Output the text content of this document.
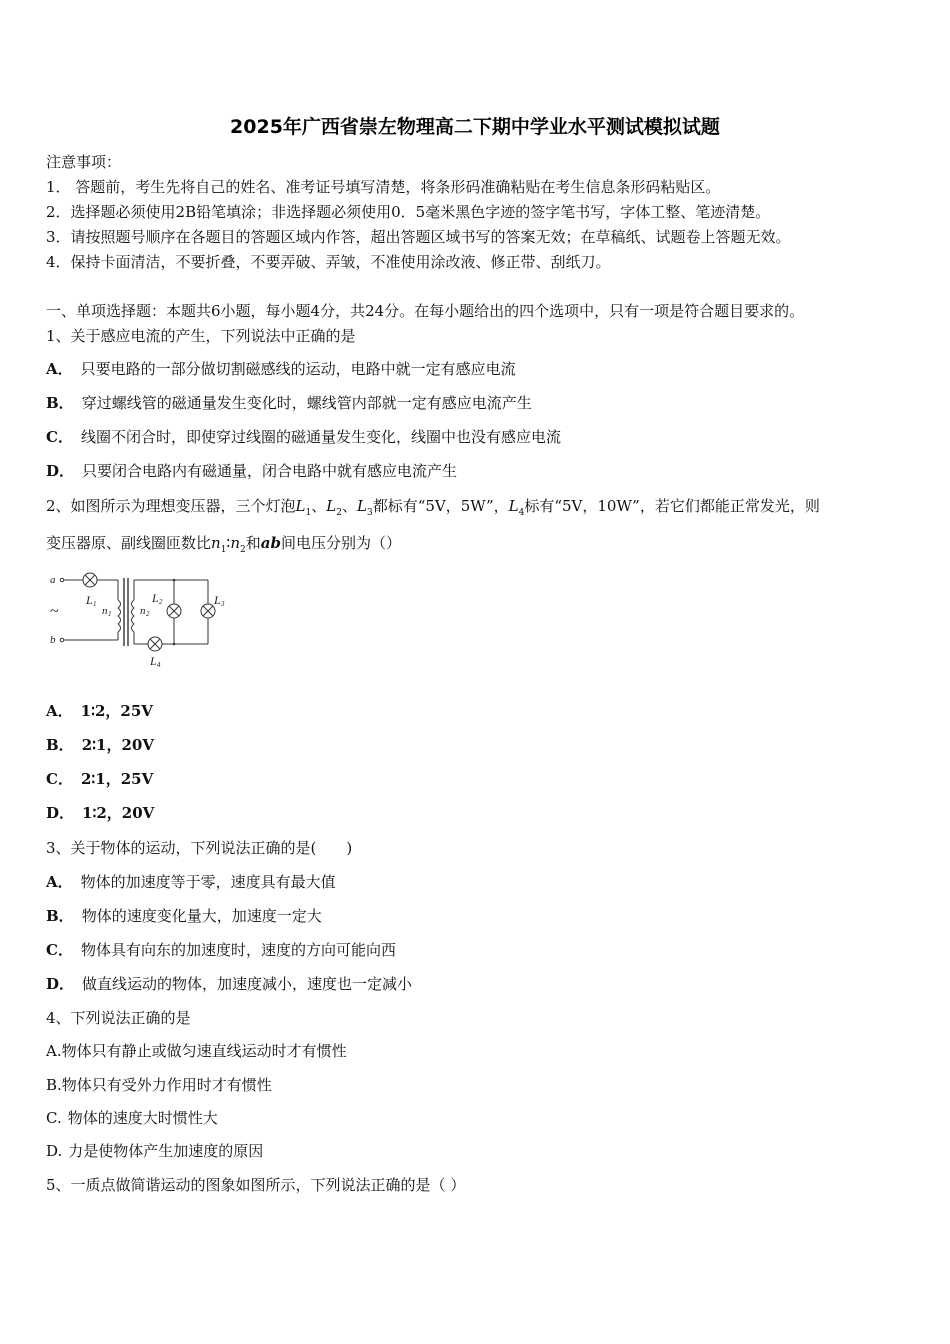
2025年广西省崇左物理高二下期中学业水平测试模拟试题
注意事项：
1． 答题前，考生先将自己的姓名、准考证号填写清楚，将条形码准确粘贴在考生信息条形码粘贴区。
2．选择题必须使用2B铅笔填涂；非选择题必须使用0．5毫米黑色字迹的签字笔书写，字体工整、笔迹清楚。
3．请按照题号顺序在各题目的答题区域内作答，超出答题区域书写的答案无效；在草稿纸、试题卷上答题无效。
4．保持卡面清洁，不要折叠，不要弄破、弄皱，不准使用涂改液、修正带、刮纸刀。
一、单项选择题：本题共6小题，每小题4分，共24分。在每小题给出的四个选项中，只有一项是符合题目要求的。
1、关于感应电流的产生，下列说法中正确的是
A． 只要电路的一部分做切割磁感线的运动，电路中就一定有感应电流
B． 穿过螺线管的磁通量发生变化时，螺线管内部就一定有感应电流产生
C． 线圈不闭合时，即使穿过线圈的磁通量发生变化，线圈中也没有感应电流
D． 只要闭合电路内有磁通量，闭合电路中就有感应电流产生
2、如图所示为理想变压器，三个灯泡$L_1$、$L_2$、$L_3$都标有“5V，5W”，$L_4$标有“5V，10W”，若它们都能正常发光，则
变压器原、副线圈匝数比$n_1∶n_2$和ab间电压分别为（）
a
b
~
L 1
n 1	n 2
L 2	L 3
L 4
A． 1∶2，25V
B． 2∶1，20V
C． 2∶1，25V
D． 1∶2，20V
3、关于物体的运动，下列说法正确的是(　　)
A． 物体的加速度等于零，速度具有最大值
B． 物体的速度变化量大，加速度一定大
C． 物体具有向东的加速度时，速度的方向可能向西
D． 做直线运动的物体，加速度减小，速度也一定减小
4、下列说法正确的是
A.物体只有静止或做匀速直线运动时才有惯性
B.物体只有受外力作用时才有惯性
C. 物体的速度大时惯性大
D. 力是使物体产生加速度的原因
5、一质点做简谐运动的图象如图所示，下列说法正确的是（ ）
